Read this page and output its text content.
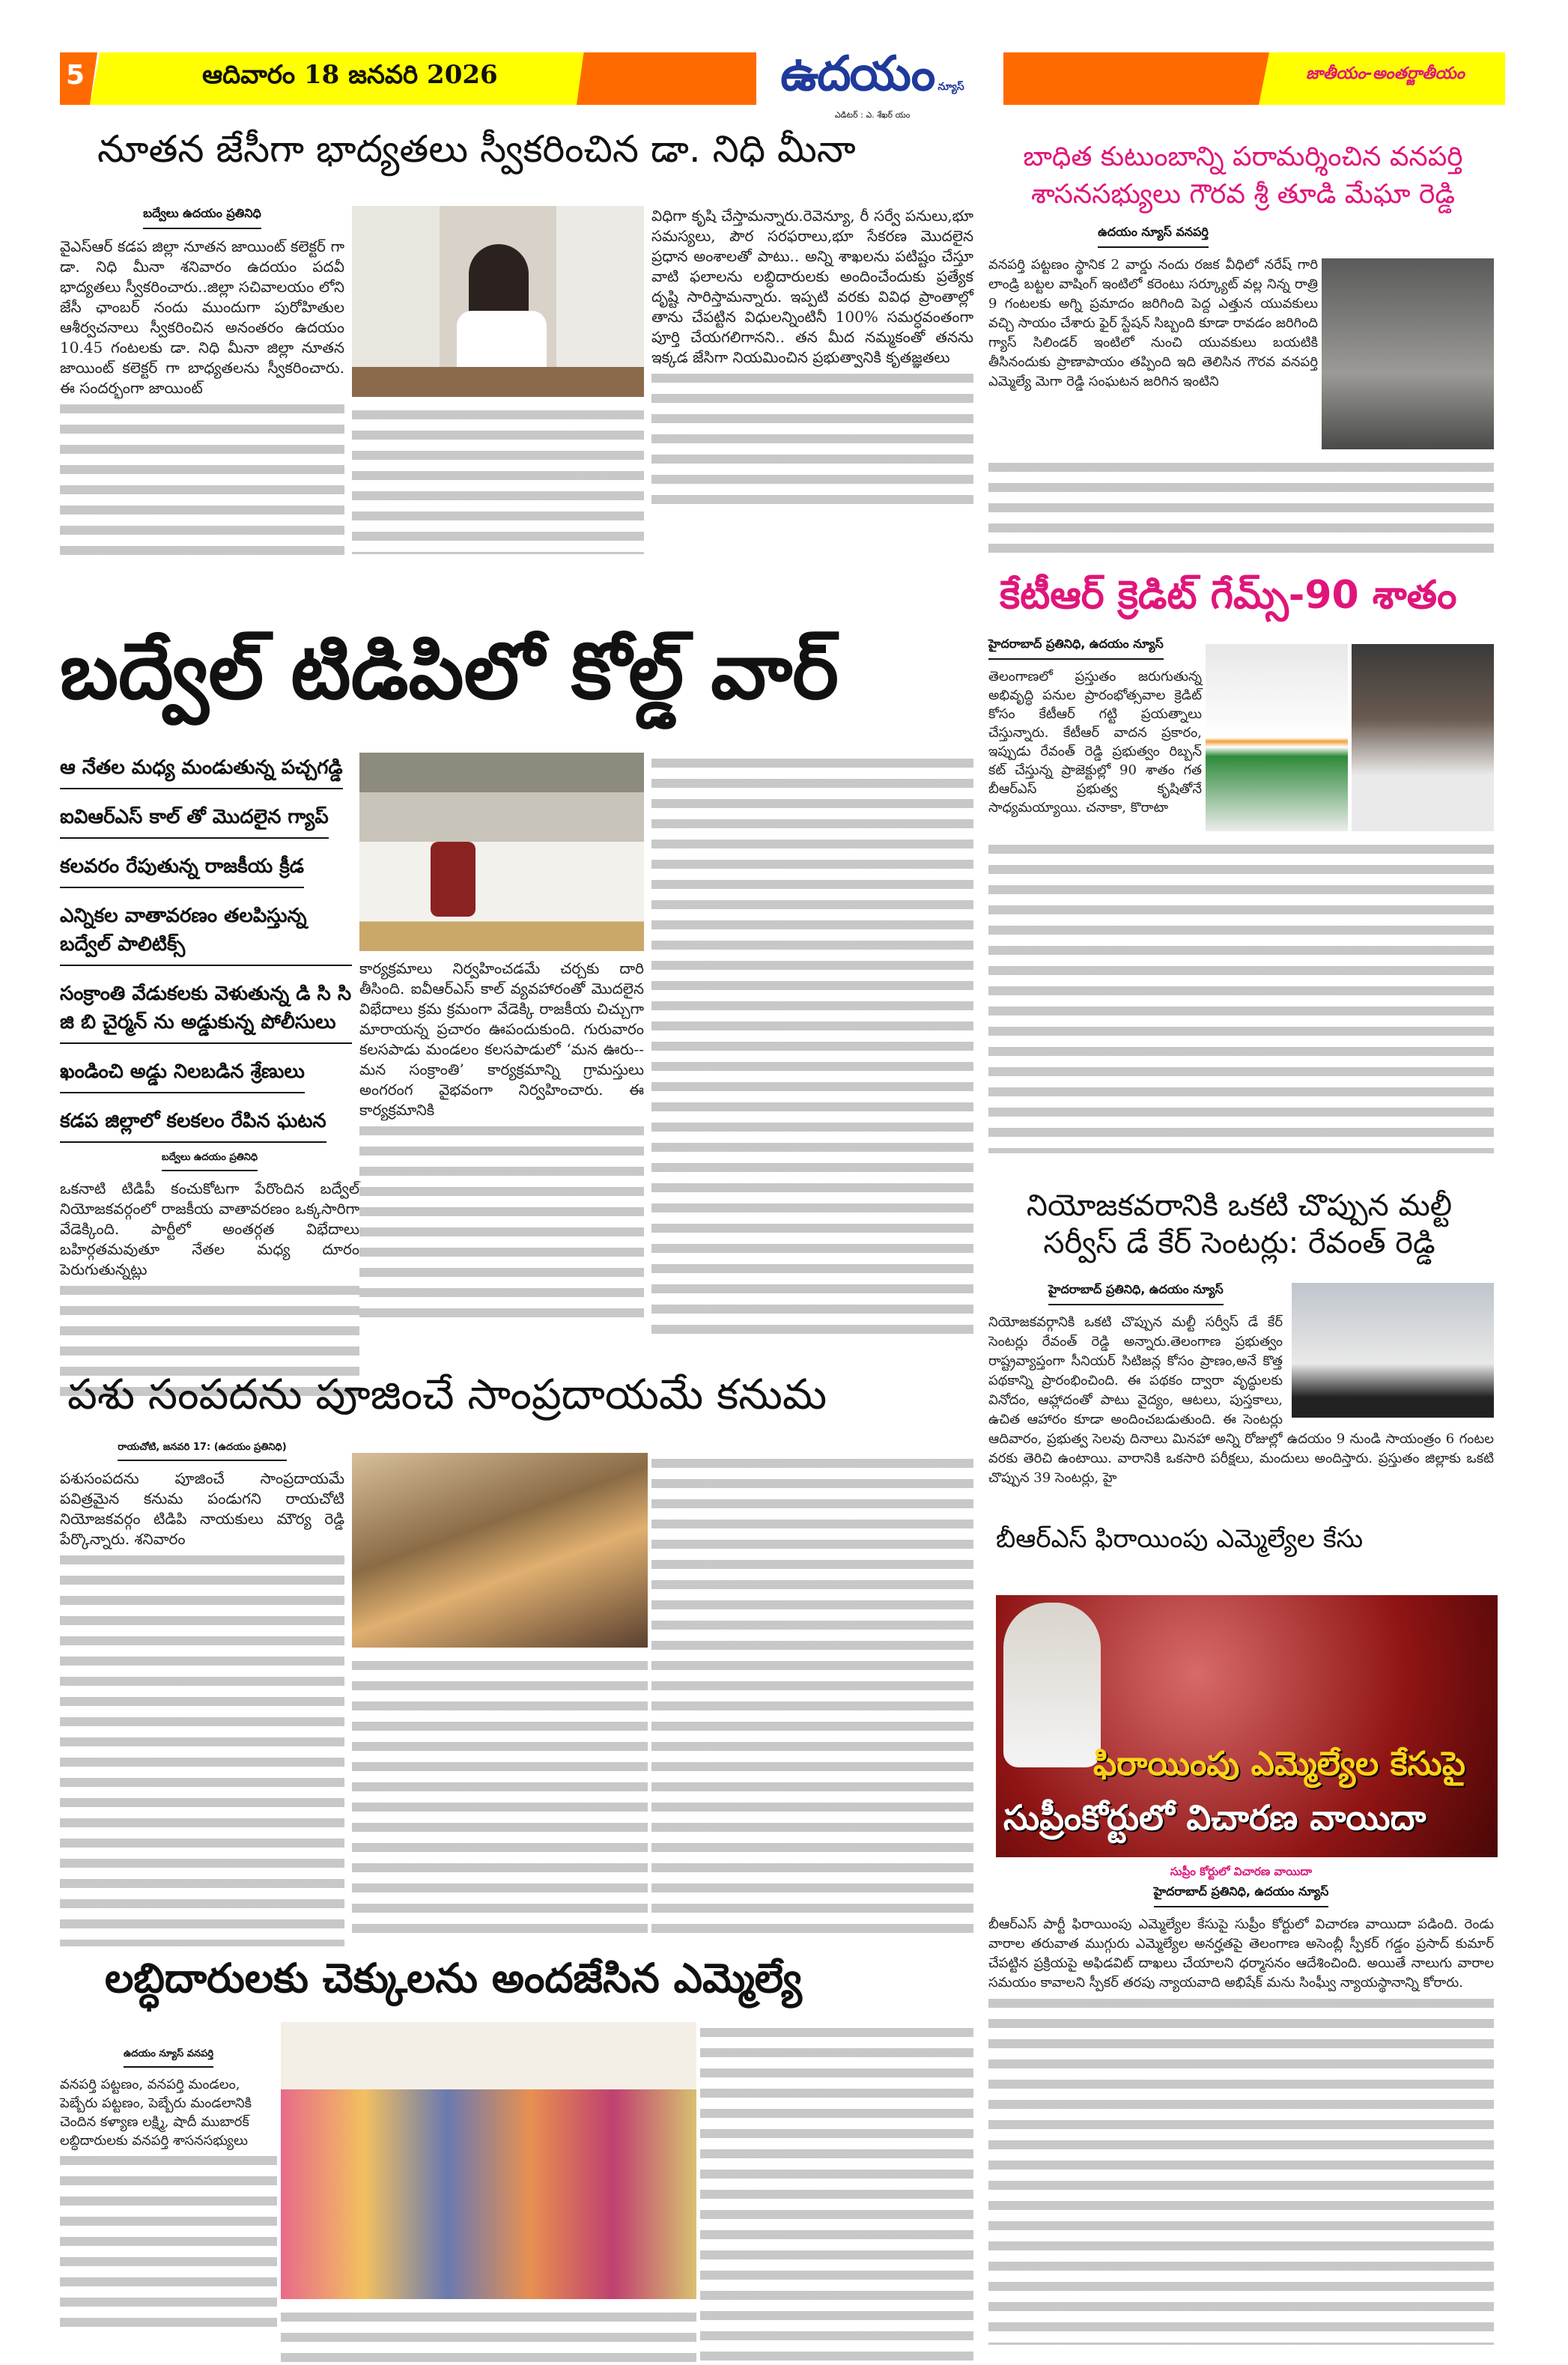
5	ఆదివారం 18 జనవరి 2026	ఉదయం న్యూస్
ఎడిటర్ : ఎ. శేఖర్ యం
జాతీయం-అంతర్జాతీయం
నూతన జేసీగా భాద్యతలు స్వీకరించిన డా. నిధి మీనా
బద్వేలు ఉదయం ప్రతినిధి

వైఎస్ఆర్ కడప జిల్లా నూతన జాయింట్ కలెక్టర్ గా డా. నిధి మీనా శనివారం ఉదయం పదవీ భాద్యతలు స్వీకరించారు..జిల్లా సచివాలయం లోని జేసీ ఛాంబర్ నందు ముందుగా పురోహితుల ఆశీర్వచనాలు స్వీకరించిన అనంతరం ఉదయం 10.45 గంటలకు డా. నిధి మీనా జిల్లా నూతన జాయింట్ కలెక్టర్ గా బాధ్యతలను స్వీకరించారు. ఈ సందర్భంగా జాయింట్

విధిగా కృషి చేస్తామన్నారు.రెవెన్యూ, రీ సర్వే పనులు,భూ సమస్యలు, పౌర సరఫరాలు,భూ సేకరణ మొదలైన ప్రధాన అంశాలతో పాటు.. అన్ని శాఖలను పటిష్టం చేస్తూ వాటి ఫలాలను లబ్ధిదారులకు అందించేందుకు ప్రత్యేక దృష్టి సారిస్తామన్నారు. ఇప్పటి వరకు వివిధ ప్రాంతాల్లో తాను చేపట్టిన విధులన్నింటినీ 100% సమర్ధవంతంగా పూర్తి చేయగలిగానని.. తన మీద నమ్మకంతో తనను ఇక్కడ జేసిగా నియమించిన ప్రభుత్వానికి కృతజ్ఞతలు

బాధిత కుటుంబాన్ని పరామర్శించిన వనపర్తి
శాసనసభ్యులు గౌరవ శ్రీ తూడి మేఘా రెడ్డి
ఉదయం న్యూస్ వనపర్తి

వనపర్తి పట్టణం స్థానిక 2 వార్డు నందు రజక వీధిలో నరేష్ గారి లాండ్రి బట్టల వాషింగ్ ఇంటిలో కరెంటు సర్క్యూట్ వల్ల నిన్న రాత్రి 9 గంటలకు అగ్ని ప్రమాదం జరిగింది పెద్ద ఎత్తున యువకులు వచ్చి సాయం చేశారు ఫైర్ స్టేషన్ సిబ్బంది కూడా రావడం జరిగింది గ్యాస్ సిలిండర్ ఇంటిలో నుంచి యువకులు బయటికి తీసినందుకు ప్రాణాపాయం తప్పింది ఇది తెలిసిన గౌరవ వనపర్తి ఎమ్మెల్యే మెగా రెడ్డి సంఘటన జరిగిన ఇంటిని

బద్వేల్ టిడిపిలో కోల్డ్ వార్
ఆ నేతల మధ్య మండుతున్న పచ్చగడ్డి
ఐవిఆర్ఎస్ కాల్ తో మొదలైన గ్యాప్
కలవరం రేపుతున్న రాజకీయ క్రీడ
ఎన్నికల వాతావరణం తలపిస్తున్న బద్వేల్ పాలిటిక్స్
సంక్రాంతి వేడుకలకు వెళుతున్న డి సి సి జి బి చైర్మన్ ను అడ్డుకున్న పోలీసులు
ఖండించి అడ్డు నిలబడిన శ్రేణులు
కడప జిల్లాలో కలకలం రేపిన ఘటన
బద్వేలు ఉదయం ప్రతినిధి

ఒకనాటి టిడిపీ కంచుకోటగా పేరొందిన బద్వేల్ నియోజకవర్గంలో రాజకీయ వాతావరణం ఒక్కసారిగా వేడెక్కింది. పార్టీలో అంతర్గత విభేదాలు బహిర్గతమవుతూ నేతల మధ్య దూరం పెరుగుతున్నట్లు

కార్యక్రమాలు నిర్వహించడమే చర్చకు దారి తీసింది. ఐవీఆర్ఎస్ కాల్ వ్యవహారంతో మొదలైన విభేదాలు క్రమ క్రమంగా వేడెక్కి రాజకీయ చిచ్చుగా మారాయన్న ప్రచారం ఊపందుకుంది. గురువారం కలసపాడు మండలం కలసపాడులో ‘మన ఊరు--మన సంక్రాంతి’ కార్యక్రమాన్ని గ్రామస్తులు అంగరంగ వైభవంగా నిర్వహించారు. ఈ కార్యక్రమానికి

కేటీఆర్ క్రెడిట్ గేమ్స్-90 శాతం
హైదరాబాద్ ప్రతినిధి, ఉదయం న్యూస్

తెలంగాణలో ప్రస్తుతం జరుగుతున్న అభివృద్ధి పనుల ప్రారంభోత్సవాల క్రెడిట్ కోసం కేటీఆర్ గట్టి ప్రయత్నాలు చేస్తున్నారు. కేటీఆర్ వాదన ప్రకారం, ఇప్పుడు రేవంత్ రెడ్డి ప్రభుత్వం రిబ్బన్ కట్ చేస్తున్న ప్రాజెక్టుల్లో 90 శాతం గత బీఆర్ఎస్ ప్రభుత్వ కృషితోనే సాధ్యమయ్యాయి. చనాకా, కొరాటా

నియోజకవరానికి ఒకటి చొప్పున మల్టీ
సర్వీస్ డే కేర్ సెంటర్లు: రేవంత్ రెడ్డి
హైదరాబాద్ ప్రతినిధి, ఉదయం న్యూస్

నియోజకవర్గానికి ఒకటి చొప్పున మల్టీ సర్వీస్ డే కేర్ సెంటర్లు రేవంత్ రెడ్డి అన్నారు.తెలంగాణ ప్రభుత్వం రాష్ట్రవ్యాప్తంగా సీనియర్ సిటిజన్ల కోసం ప్రాణం,అనే కొత్త పథకాన్ని ప్రారంభించింది. ఈ పథకం ద్వారా వృద్ధులకు వినోదం, ఆహ్లాదంతో పాటు వైద్యం, ఆటలు, పుస్తకాలు, ఉచిత ఆహారం కూడా అందించబడుతుంది. ఈ సెంటర్లు ఆదివారం, ప్రభుత్వ సెలవు దినాలు మినహా అన్ని రోజుల్లో ఉదయం 9 నుండి సాయంత్రం 6 గంటల వరకు తెరిచి ఉంటాయి. వారానికి ఒకసారి పరీక్షలు, మందులు అందిస్తారు. ప్రస్తుతం జిల్లాకు ఒకటి చొప్పున 39 సెంటర్లు, హై

బీఆర్ఎస్ ఫిరాయింపు ఎమ్మెల్యేల కేసు
ఫిరాయింపు ఎమ్మెల్యేల కేసుపై
సుప్రీంకోర్టులో విచారణ వాయిదా
సుప్రీం కోర్టులో విచారణ వాయిదా
హైదరాబాద్ ప్రతినిధి, ఉదయం న్యూస్

బీఆర్ఎస్ పార్టీ ఫిరాయింపు ఎమ్మెల్యేల కేసుపై సుప్రీం కోర్టులో విచారణ వాయిదా పడింది. రెండు వారాల తరువాత ముగ్గురు ఎమ్మెల్యేల అనర్హతపై తెలంగాణ అసెంబ్లీ స్పీకర్ గడ్డం ప్రసాద్ కుమార్ చేపట్టిన ప్రక్రియపై అఫిడవిట్ దాఖలు చేయాలని ధర్మాసనం ఆదేశించింది. అయితే నాలుగు వారాల సమయం కావాలని స్పీకర్ తరపు న్యాయవాది అభిషేక్ మను సింఘ్వీ న్యాయస్థానాన్ని కోరారు.

పశు సంపదను పూజించే సాంప్రదాయమే కనుమ
రాయచోటి, జనవరి 17: (ఉదయం ప్రతినిధి)

పశుసంపదను పూజించే సాంప్రదాయమే పవిత్రమైన కనుమ పండుగని రాయచోటి నియోజకవర్గం టిడిపి నాయకులు మౌర్య రెడ్డి పేర్కొన్నారు. శనివారం

లబ్ధిదారులకు చెక్కులను అందజేసిన ఎమ్మెల్యే
ఉదయం న్యూస్ వనపర్తి

వనపర్తి పట్టణం, వనపర్తి మండలం, పెబ్బేరు పట్టణం, పెబ్బేరు మండలానికి చెందిన కళ్యాణ లక్ష్మి, షాదీ ముబారక్ లబ్ధిదారులకు వనపర్తి శాసనసభ్యులు
